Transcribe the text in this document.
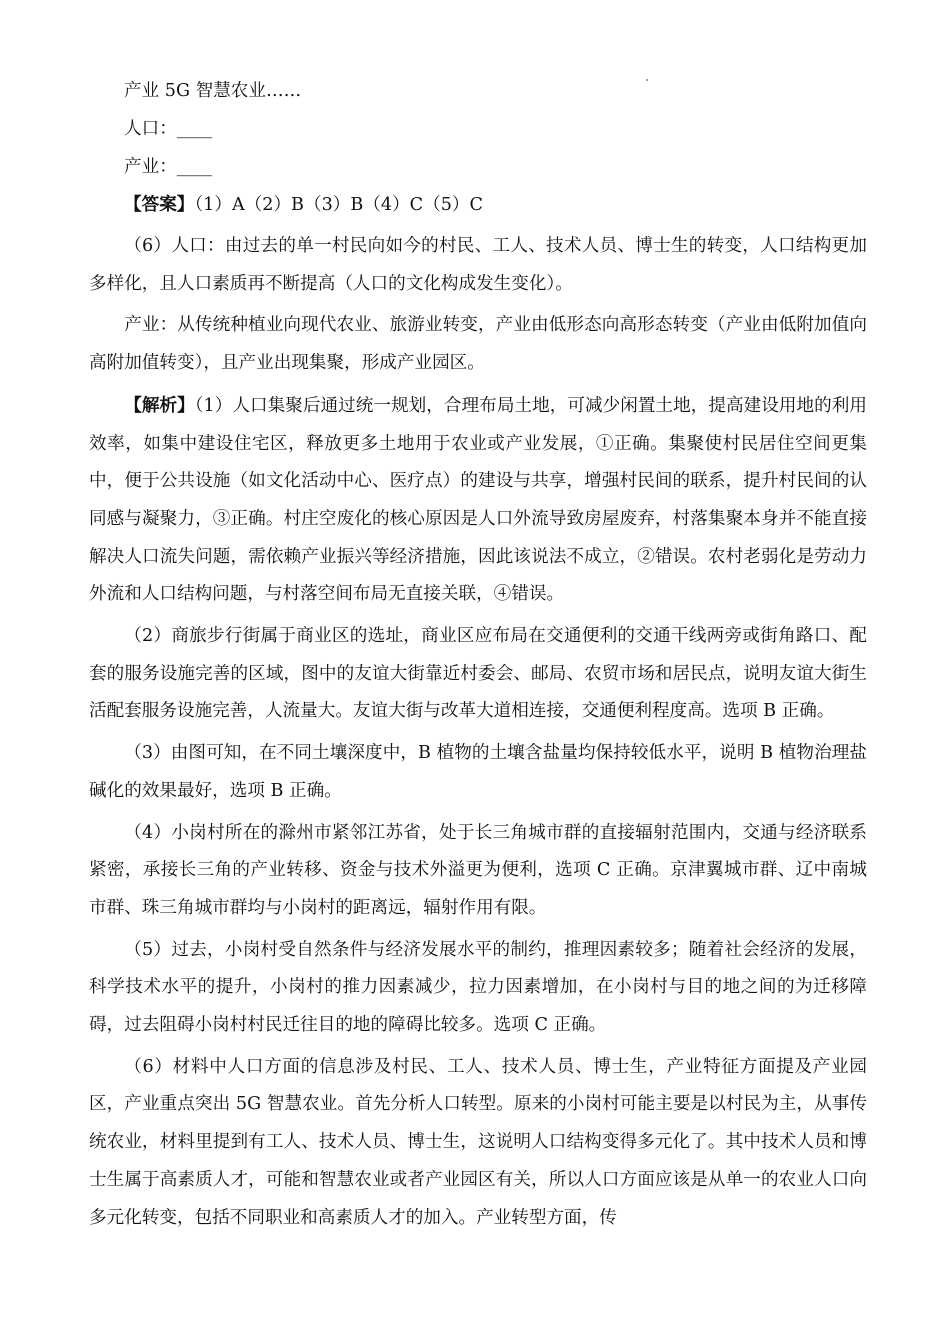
产业 5G 智慧农业……
人口：____
产业：____
【答案】（1）A（2）B（3）B（4）C（5）C

（6）人口：由过去的单一村民向如今的村民、工人、技术人员、博士生的转变，人口结构更加多样化，且人口素质再不断提高（人口的文化构成发生变化）。

产业：从传统种植业向现代农业、旅游业转变，产业由低形态向高形态转变（产业由低附加值向高附加值转变），且产业出现集聚，形成产业园区。

【解析】（1）人口集聚后通过统一规划，合理布局土地，可减少闲置土地，提高建设用地的利用效率，如集中建设住宅区，释放更多土地用于农业或产业发展，①正确。集聚使村民居住空间更集中，便于公共设施（如文化活动中心、医疗点）的建设与共享，增强村民间的联系，提升村民间的认同感与凝聚力，③正确。村庄空废化的核心原因是人口外流导致房屋废弃，村落集聚本身并不能直接解决人口流失问题，需依赖产业振兴等经济措施，因此该说法不成立，②错误。农村老弱化是劳动力外流和人口结构问题，与村落空间布局无直接关联，④错误。

（2）商旅步行街属于商业区的选址，商业区应布局在交通便利的交通干线两旁或街角路口、配套的服务设施完善的区域，图中的友谊大街靠近村委会、邮局、农贸市场和居民点，说明友谊大街生活配套服务设施完善，人流量大。友谊大街与改革大道相连接，交通便利程度高。选项 B 正确。

（3）由图可知，在不同土壤深度中，B 植物的土壤含盐量均保持较低水平，说明 B 植物治理盐碱化的效果最好，选项 B 正确。

（4）小岗村所在的滁州市紧邻江苏省，处于长三角城市群的直接辐射范围内，交通与经济联系紧密，承接长三角的产业转移、资金与技术外溢更为便利，选项 C 正确。京津翼城市群、辽中南城市群、珠三角城市群均与小岗村的距离远，辐射作用有限。

（5）过去，小岗村受自然条件与经济发展水平的制约，推理因素较多；随着社会经济的发展，科学技术水平的提升，小岗村的推力因素减少，拉力因素增加，在小岗村与目的地之间的为迁移障碍，过去阻碍小岗村村民迁往目的地的障碍比较多。选项 C 正确。

（6）材料中人口方面的信息涉及村民、工人、技术人员、博士生，产业特征方面提及产业园区，产业重点突出 5G 智慧农业。首先分析人口转型。原来的小岗村可能主要是以村民为主，从事传统农业，材料里提到有工人、技术人员、博士生，这说明人口结构变得多元化了。其中技术人员和博士生属于高素质人才，可能和智慧农业或者产业园区有关，所以人口方面应该是从单一的农业人口向多元化转变，包括不同职业和高素质人才的加入。产业转型方面，传
